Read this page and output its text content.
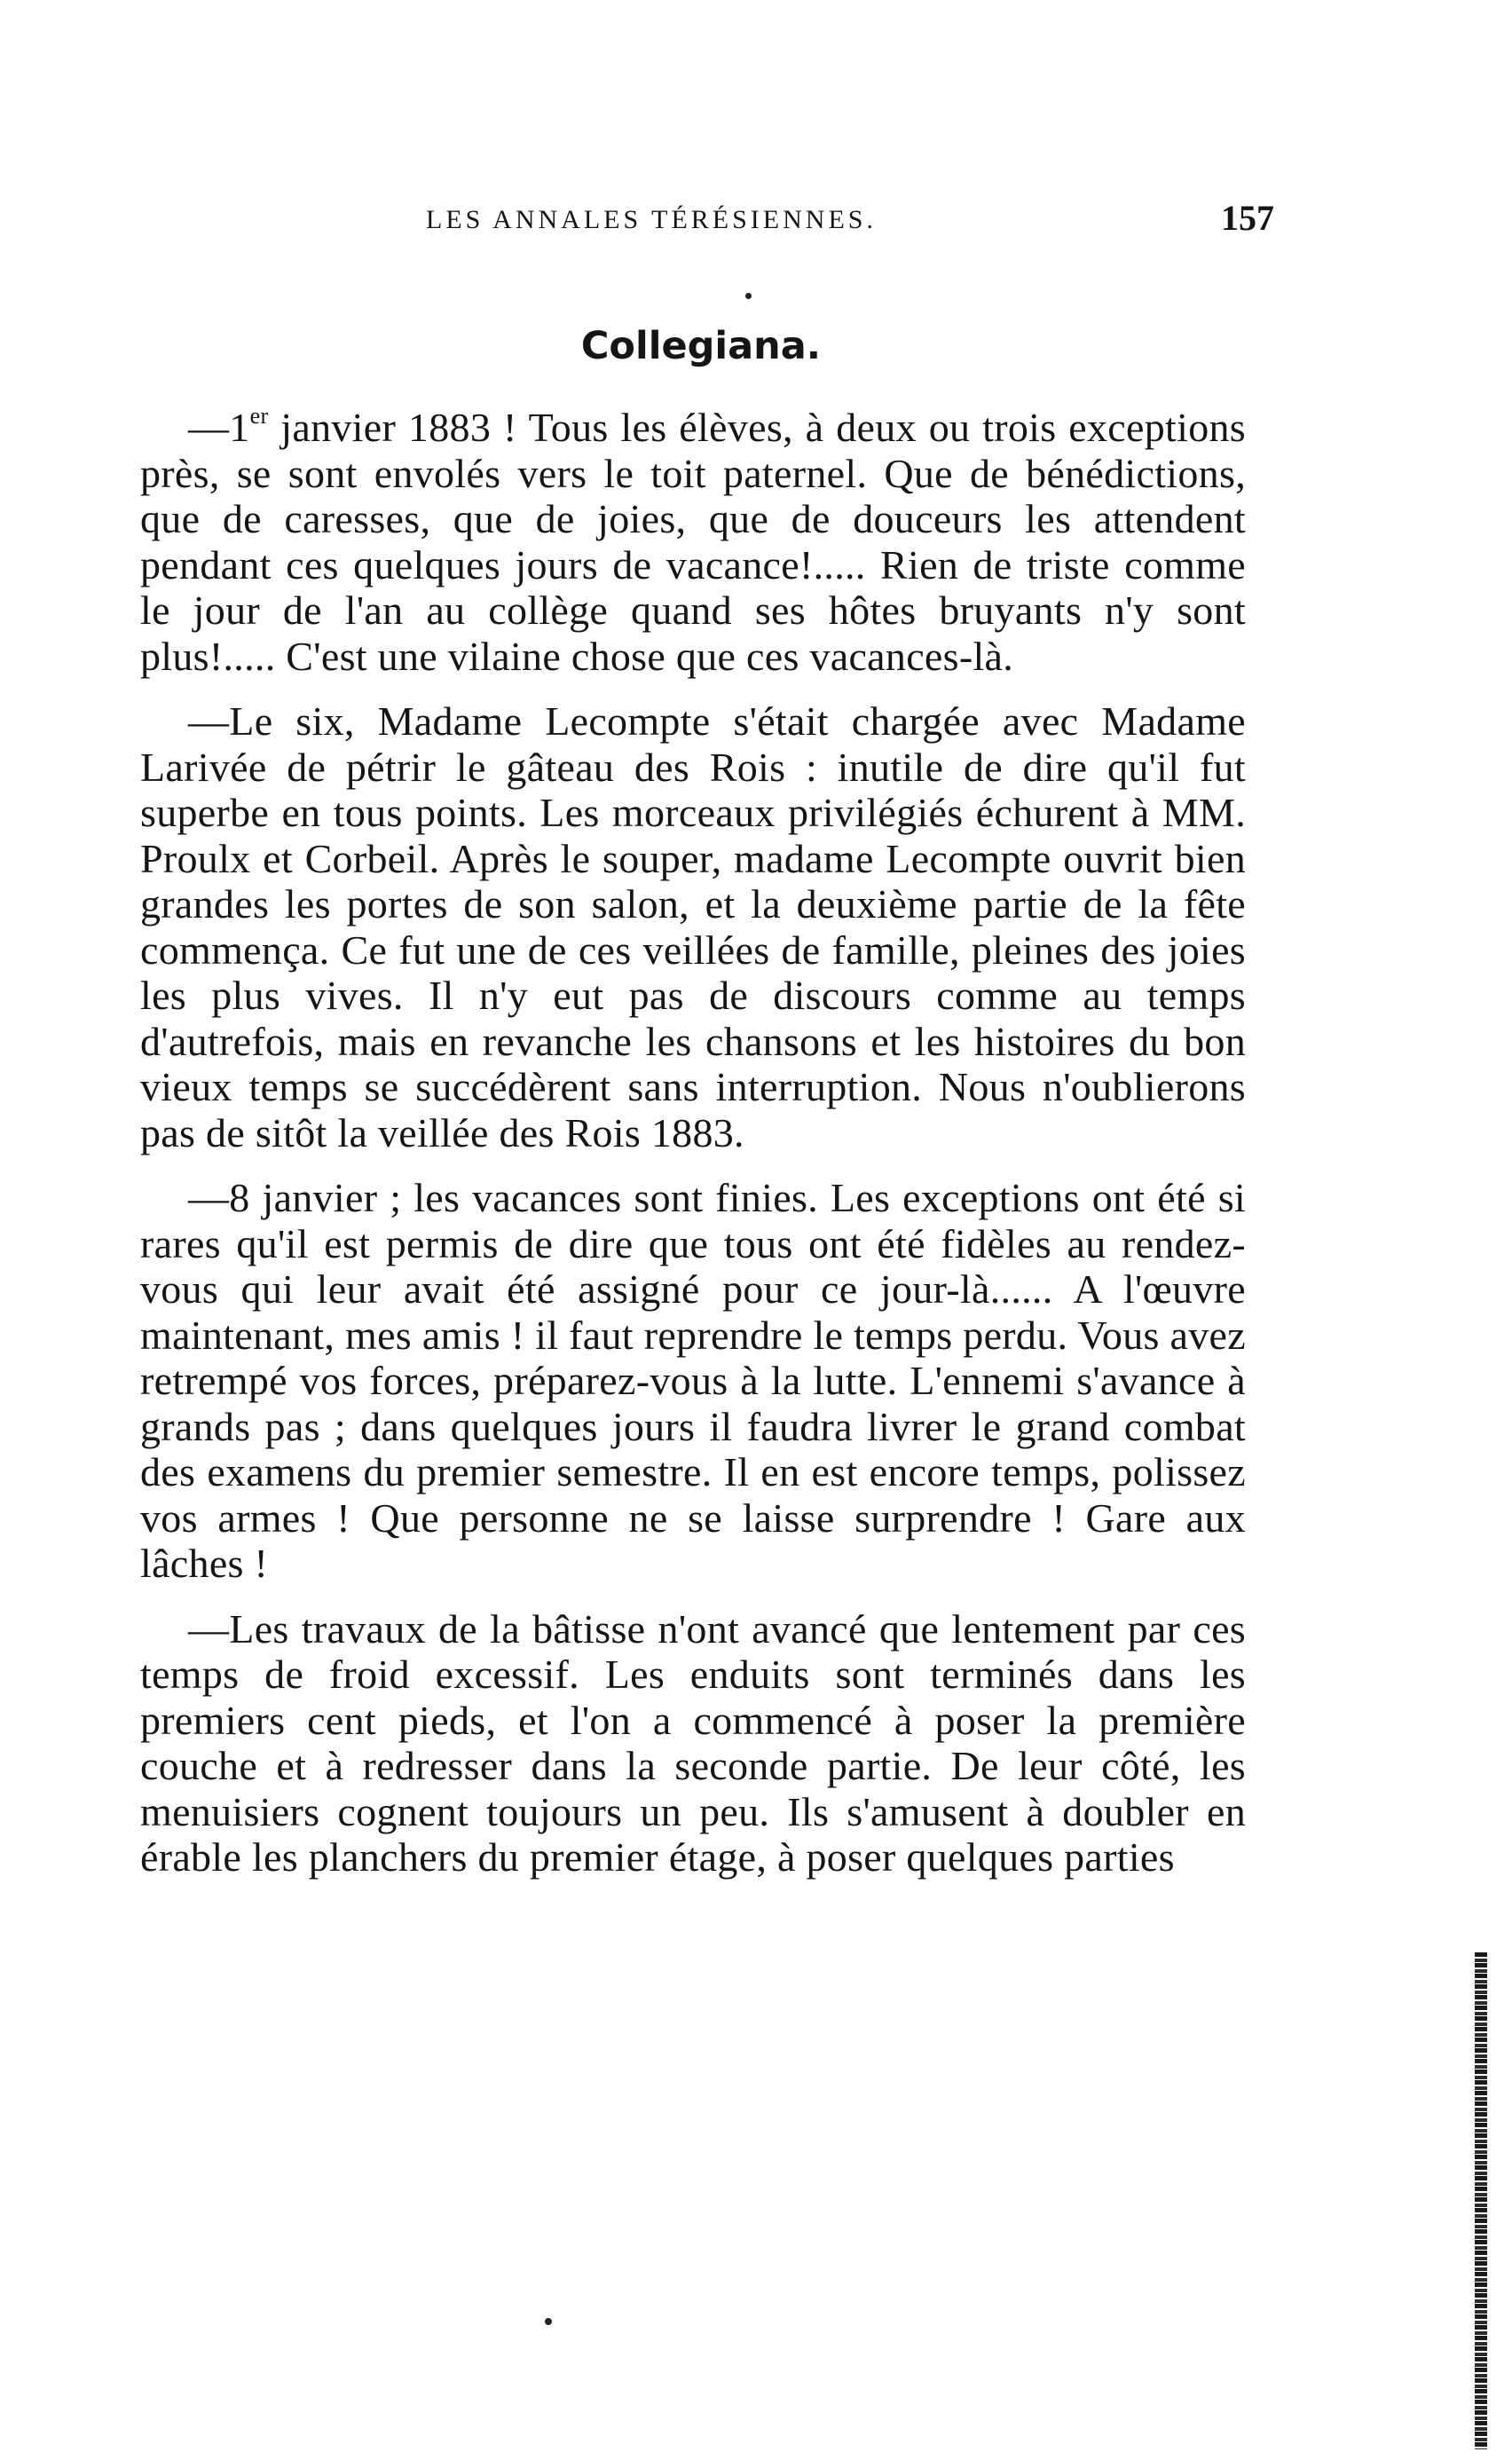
LES ANNALES TÉRÉSIENNES.	157
Collegiana.

—1er janvier 1883 ! Tous les élèves, à deux ou trois exceptions près, se sont envolés vers le toit paternel. Que de bénédictions, que de caresses, que de joies, que de douceurs les attendent pendant ces quelques jours de vacance!..... Rien de triste comme le jour de l'an au collège quand ses hôtes bruyants n'y sont plus!..... C'est une vilaine chose que ces vacances-là.

—Le six, Madame Lecompte s'était chargée avec Madame Larivée de pétrir le gâteau des Rois : inutile de dire qu'il fut superbe en tous points. Les morceaux privilégiés échurent à MM. Proulx et Corbeil. Après le souper, madame Lecompte ouvrit bien grandes les portes de son salon, et la deuxième partie de la fête commença. Ce fut une de ces veillées de famille, pleines des joies les plus vives. Il n'y eut pas de discours comme au temps d'autrefois, mais en revanche les chansons et les histoires du bon vieux temps se succédèrent sans interruption. Nous n'oublierons pas de sitôt la veillée des Rois 1883.

—8 janvier ; les vacances sont finies. Les exceptions ont été si rares qu'il est permis de dire que tous ont été fidèles au rendez-vous qui leur avait été assigné pour ce jour-là...... A l'œuvre maintenant, mes amis ! il faut reprendre le temps perdu. Vous avez retrempé vos forces, préparez-vous à la lutte. L'ennemi s'avance à grands pas ; dans quelques jours il faudra livrer le grand combat des examens du premier semestre. Il en est encore temps, polissez vos armes ! Que personne ne se laisse surprendre ! Gare aux lâches !

—Les travaux de la bâtisse n'ont avancé que lentement par ces temps de froid excessif. Les enduits sont terminés dans les premiers cent pieds, et l'on a commencé à poser la première couche et à redresser dans la seconde partie. De leur côté, les menuisiers cognent toujours un peu. Ils s'amusent à doubler en érable les planchers du premier étage, à poser quelques parties
